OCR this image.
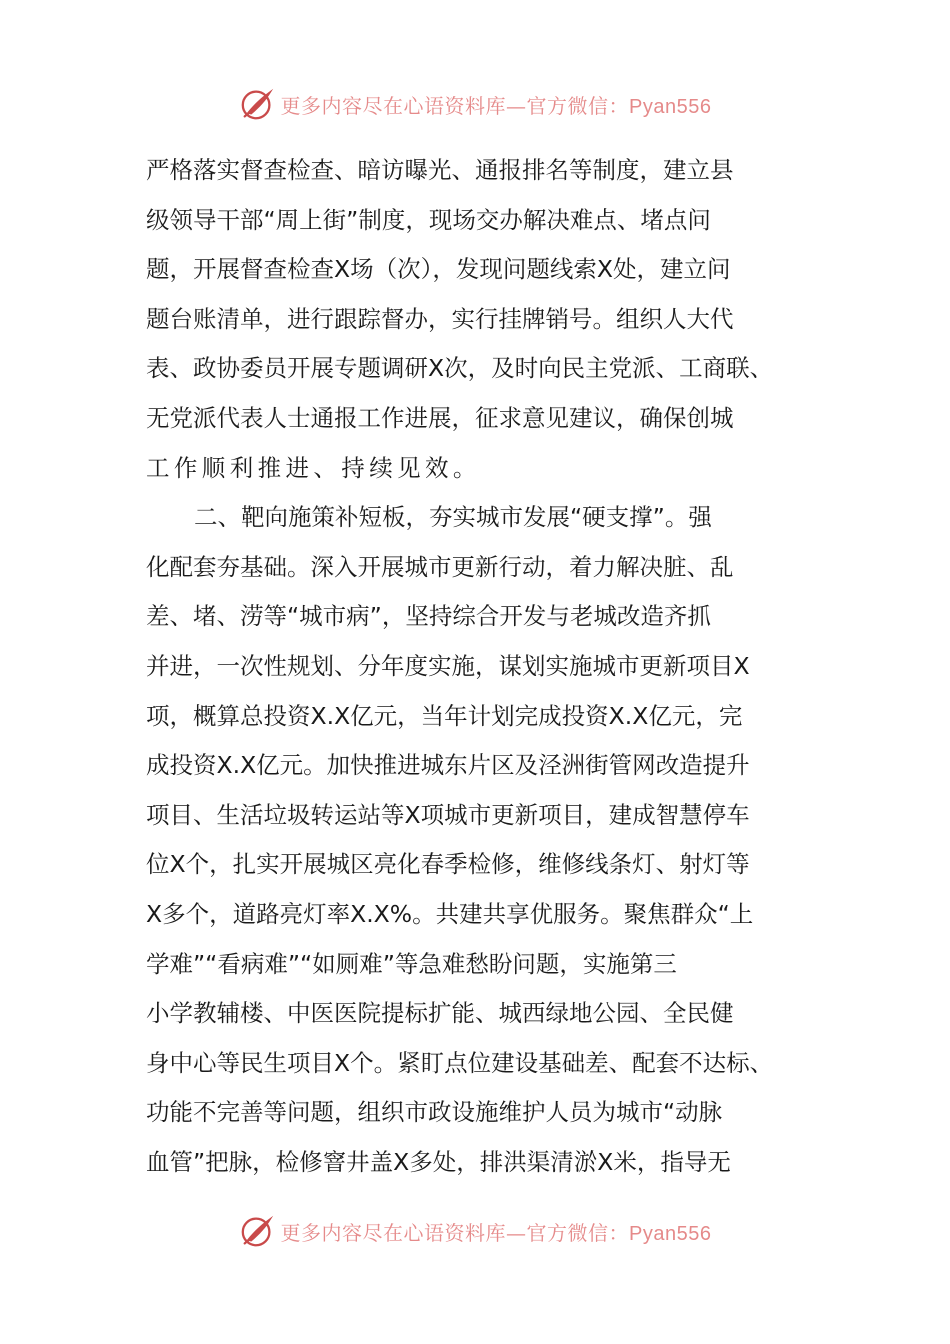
更多内容尽在心语资料库—官方微信：Pyan556
严格落实督查检查、暗访曝光、通报排名等制度，建立县
级领导干部“周上街”制度，现场交办解决难点、堵点问
题，开展督查检查X场（次），发现问题线索X处，建立问
题台账清单，进行跟踪督办，实行挂牌销号。组织人大代
表、政协委员开展专题调研X次，及时向民主党派、工商联、
无党派代表人士通报工作进展，征求意见建议，确保创城
工作顺利推进、持续见效。
二、靶向施策补短板，夯实城市发展“硬支撑”。强
化配套夯基础。深入开展城市更新行动，着力解决脏、乱
差、堵、涝等“城市病”，坚持综合开发与老城改造齐抓
并进，一次性规划、分年度实施，谋划实施城市更新项目X
项，概算总投资X.X亿元，当年计划完成投资X.X亿元，完
成投资X.X亿元。加快推进城东片区及泾洲街管网改造提升
项目、生活垃圾转运站等X项城市更新项目，建成智慧停车
位X个，扎实开展城区亮化春季检修，维修线条灯、射灯等
X多个，道路亮灯率X.X%。共建共享优服务。聚焦群众“上
学难”“看病难”“如厕难”等急难愁盼问题，实施第三
小学教辅楼、中医医院提标扩能、城西绿地公园、全民健
身中心等民生项目X个。紧盯点位建设基础差、配套不达标、
功能不完善等问题，组织市政设施维护人员为城市“动脉
血管”把脉，检修窨井盖X多处，排洪渠清淤X米，指导无
更多内容尽在心语资料库—官方微信：Pyan556
